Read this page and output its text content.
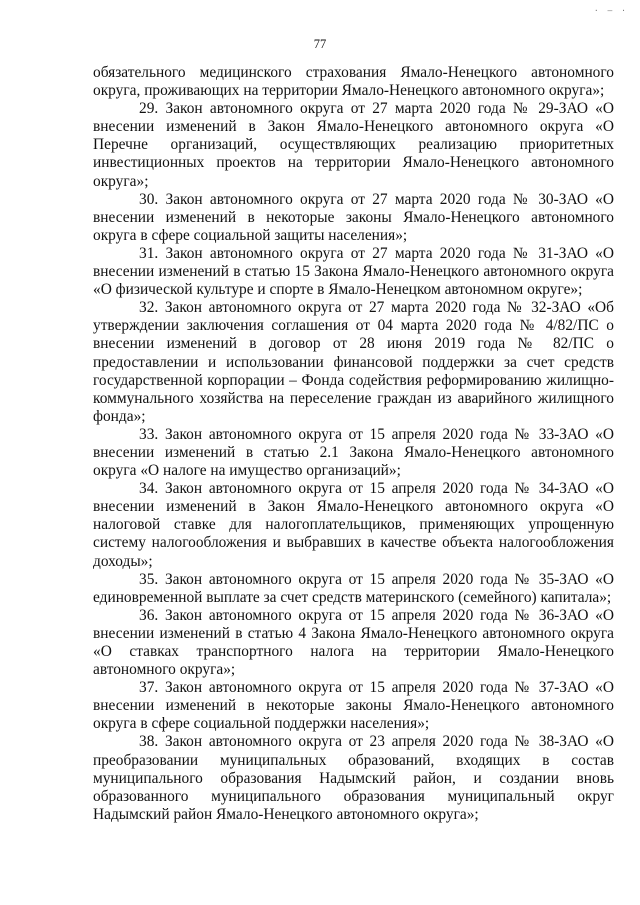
· — ·
77

обязательного медицинского страхования Ямало-Ненецкого автономного округа, проживающих на территории Ямало-Ненецкого автономного округа»;

29. Закон автономного округа от 27 марта 2020 года № 29-ЗАО «О внесении изменений в Закон Ямало-Ненецкого автономного округа «О Перечне организаций, осуществляющих реализацию приоритетных инвестиционных проектов на территории Ямало-Ненецкого автономного округа»;

30. Закон автономного округа от 27 марта 2020 года № 30-ЗАО «О внесении изменений в некоторые законы Ямало-Ненецкого автономного округа в сфере социальной защиты населения»;

31. Закон автономного округа от 27 марта 2020 года № 31-ЗАО «О внесении изменений в статью 15 Закона Ямало-Ненецкого автономного округа «О физической культуре и спорте в Ямало-Ненецком автономном округе»;

32. Закон автономного округа от 27 марта 2020 года № 32-ЗАО «Об утверждении заключения соглашения от 04 марта 2020 года № 4/82/ПС о внесении изменений в договор от 28 июня 2019 года № 82/ПС о предоставлении и использовании финансовой поддержки за счет средств государственной корпорации – Фонда содействия реформированию жилищно-коммунального хозяйства на переселение граждан из аварийного жилищного фонда»;

33. Закон автономного округа от 15 апреля 2020 года № 33-ЗАО «О внесении изменений в статью 2.1 Закона Ямало-Ненецкого автономного округа «О налоге на имущество организаций»;

34. Закон автономного округа от 15 апреля 2020 года № 34-ЗАО «О внесении изменений в Закон Ямало-Ненецкого автономного округа «О налоговой ставке для налогоплательщиков, применяющих упрощенную систему налогообложения и выбравших в качестве объекта налогообложения доходы»;

35. Закон автономного округа от 15 апреля 2020 года № 35-ЗАО «О единовременной выплате за счет средств материнского (семейного) капитала»;

36. Закон автономного округа от 15 апреля 2020 года № 36-ЗАО «О внесении изменений в статью 4 Закона Ямало-Ненецкого автономного округа «О ставках транспортного налога на территории Ямало-Ненецкого автономного округа»;

37. Закон автономного округа от 15 апреля 2020 года № 37-ЗАО «О внесении изменений в некоторые законы Ямало-Ненецкого автономного округа в сфере социальной поддержки населения»;

38. Закон автономного округа от 23 апреля 2020 года № 38-ЗАО «О преобразовании муниципальных образований, входящих в состав муниципального образования Надымский район, и создании вновь образованного муниципального образования муниципальный округ Надымский район Ямало-Ненецкого автономного округа»;
